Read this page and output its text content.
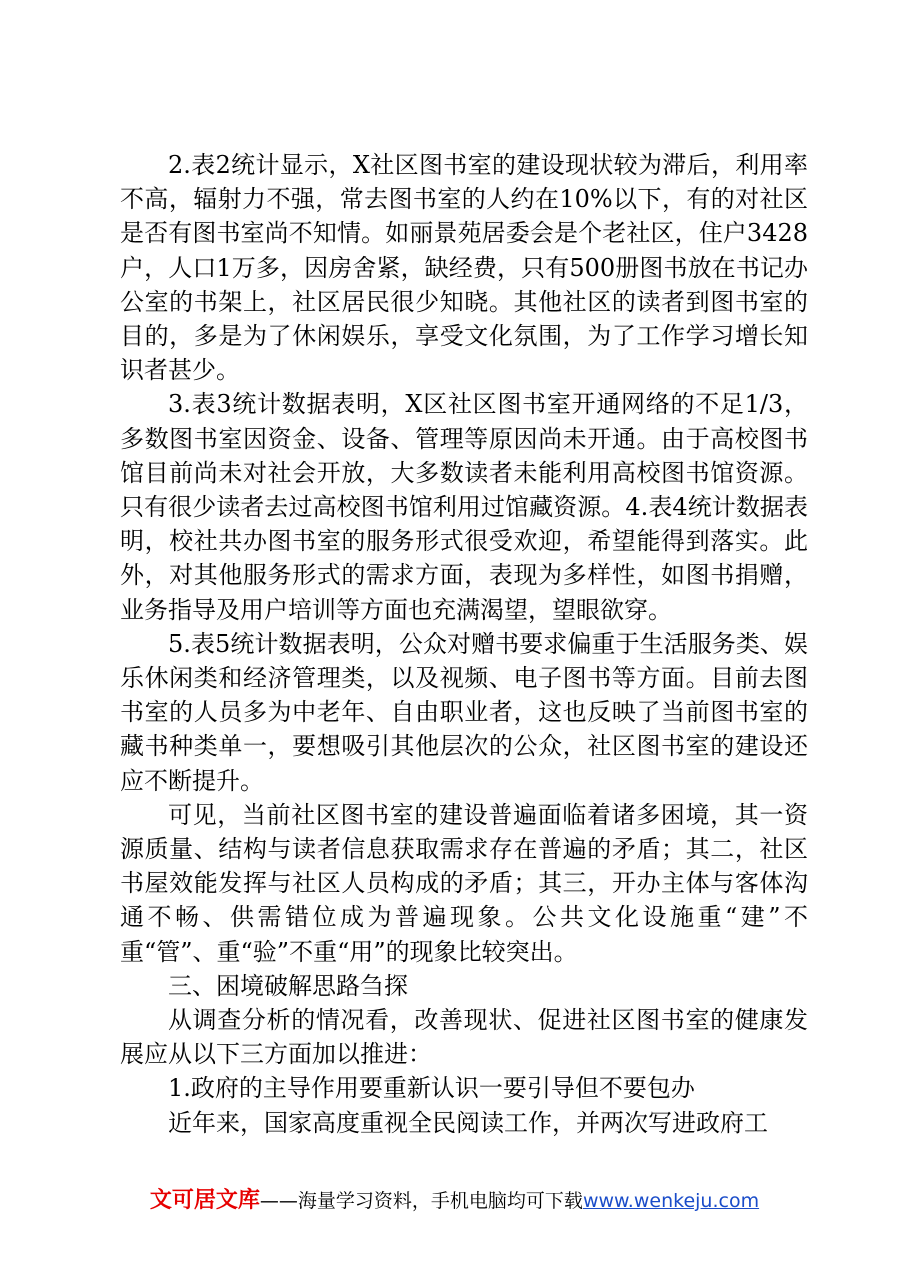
2.表2统计显示，X社区图书室的建设现状较为滞后，利用率不高，辐射力不强，常去图书室的人约在10%以下，有的对社区是否有图书室尚不知情。如丽景苑居委会是个老社区，住户3428户，人口1万多，因房舍紧，缺经费，只有500册图书放在书记办公室的书架上，社区居民很少知晓。其他社区的读者到图书室的目的，多是为了休闲娱乐，享受文化氛围，为了工作学习增长知识者甚少。

3.表3统计数据表明，X区社区图书室开通网络的不足1/3，多数图书室因资金、设备、管理等原因尚未开通。由于高校图书馆目前尚未对社会开放，大多数读者未能利用高校图书馆资源。只有很少读者去过高校图书馆利用过馆藏资源。4.表4统计数据表明，校社共办图书室的服务形式很受欢迎，希望能得到落实。此外，对其他服务形式的需求方面，表现为多样性，如图书捐赠，业务指导及用户培训等方面也充满渴望，望眼欲穿。

5.表5统计数据表明，公众对赠书要求偏重于生活服务类、娱乐休闲类和经济管理类，以及视频、电子图书等方面。目前去图书室的人员多为中老年、自由职业者，这也反映了当前图书室的藏书种类单一，要想吸引其他层次的公众，社区图书室的建设还应不断提升。

可见，当前社区图书室的建设普遍面临着诸多困境，其一资源质量、结构与读者信息获取需求存在普遍的矛盾；其二，社区书屋效能发挥与社区人员构成的矛盾；其三，开办主体与客体沟通不畅、供需错位成为普遍现象。公共文化设施重“建”不重“管”、重“验”不重“用”的现象比较突出。

三、困境破解思路刍探

从调查分析的情况看，改善现状、促进社区图书室的健康发展应从以下三方面加以推进：

1.政府的主导作用要重新认识一要引导但不要包办

近年来，国家高度重视全民阅读工作，并两次写进政府工

文可居文库——海量学习资料，手机电脑均可下载www.wenkeju.com
